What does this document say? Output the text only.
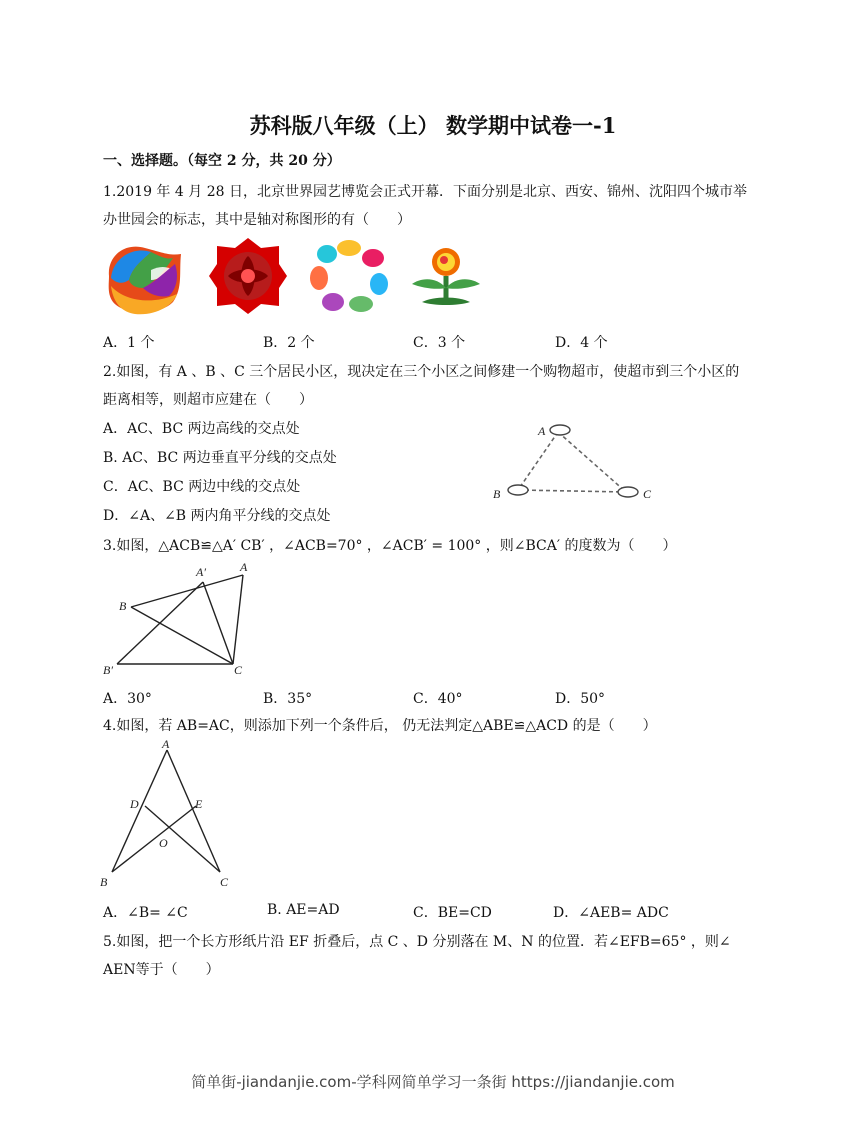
苏科版八年级（上） 数学期中试卷一-1
一、选择题。（每空 2 分，共 20 分）
1.2019 年 4 月 28 日，北京世界园艺博览会正式开幕．下面分别是北京、西安、锦州、沈阳四个城市举
办世园会的标志，其中是轴对称图形的有（　　）
A．1 个	B．2 个	C．3 个	D．4 个
2.如图，有 A 、B 、C 三个居民小区，现决定在三个小区之间修建一个购物超市，使超市到三个小区的
距离相等，则超市应建在（　　）
A．AC、BC 两边高线的交点处
B. AC、BC 两边垂直平分线的交点处
C．AC、BC 两边中线的交点处
D．∠A、∠B 两内角平分线的交点处
A
B	C
3.如图，△ACB≌△A′ CB′ ，∠ACB=70° ，∠ACB′ = 100° ，则∠BCA′ 的度数为（　　）
A
A′
B
B′	C
A．30°	B．35°	C．40°	D．50°
4.如图，若 AB=AC，则添加下列一个条件后， 仍无法判定△ABE≌△ACD 的是（　　）
A
D	E
O
B	C
A．∠B= ∠C	B. AE=AD	C．BE=CD	D．∠AEB= ADC
5.如图，把一个长方形纸片沿 EF 折叠后，点 C 、D 分别落在 M、N 的位置．若∠EFB=65° ，则∠
AEN等于（　　）
简单街-jiandanjie.com-学科网简单学习一条街 https://jiandanjie.com
